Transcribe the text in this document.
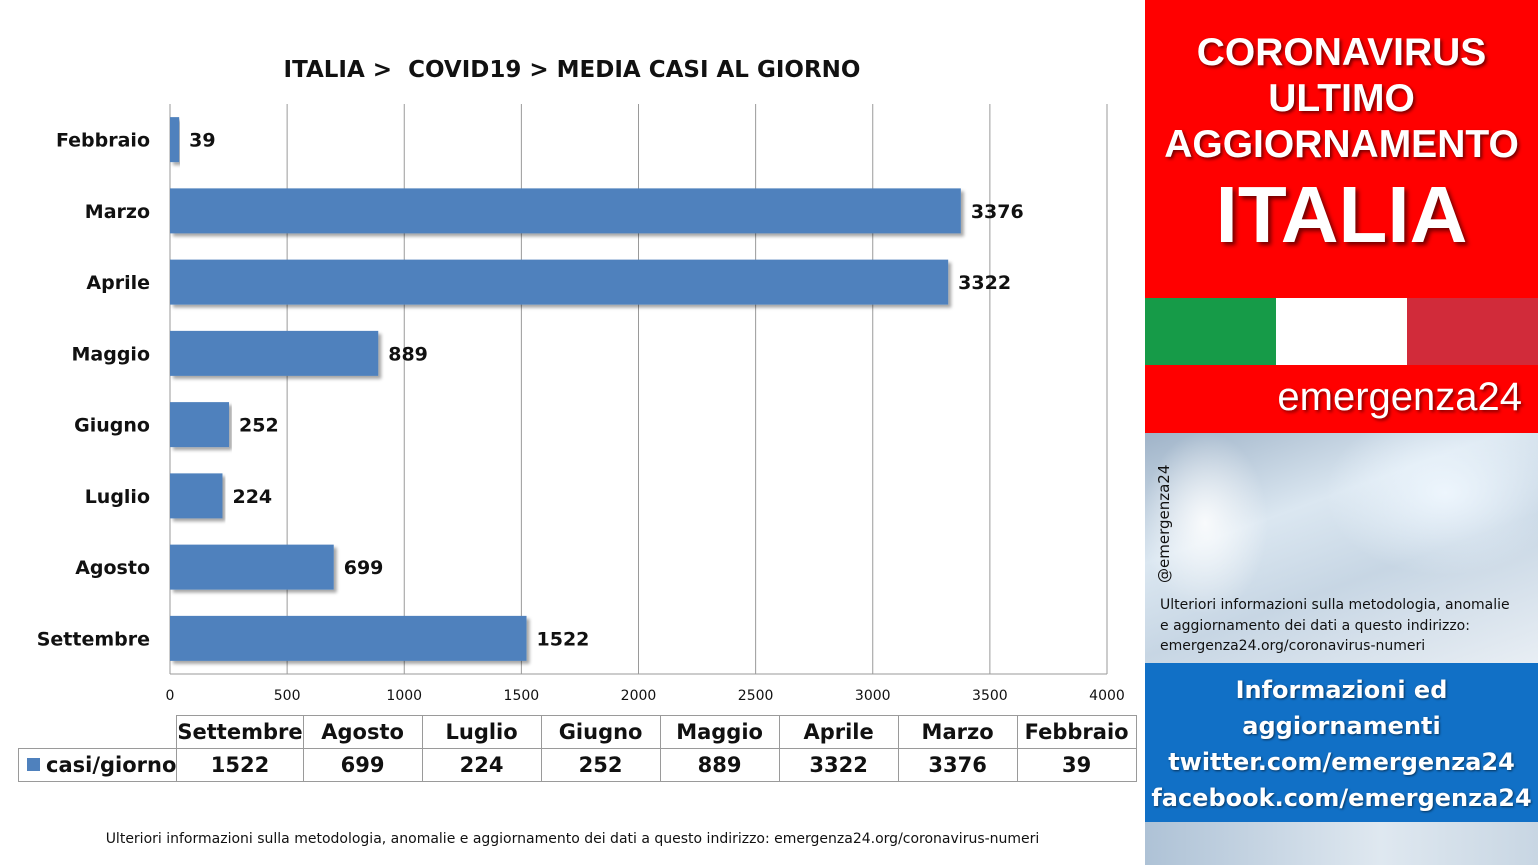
ITALIA >  COVID19 > MEDIA CASI AL GIORNO
0	500	1000	1500	2000	2500	3000	3500	4000
Febbraio 39
Marzo	3376
Aprile	3322
Maggio	889
Giugno	252
Luglio	224
Agosto	699
Settembre	1522
	Settembre	Agosto	Luglio	Giugno	Maggio	Aprile	Marzo	Febbraio
casi/giorno	1522	699	224	252	889	3322	3376	39
Ulteriori informazioni sulla metodologia, anomalie e aggiornamento dei dati a questo indirizzo: emergenza24.org/coronavirus-numeri
CORONAVIRUS
ULTIMO
AGGIORNAMENTO
ITALIA
emergenza24
@emergenza24
Ulteriori informazioni sulla metodologia, anomalie
e aggiornamento dei dati a questo indirizzo:
emergenza24.org/coronavirus-numeri
Informazioni ed
aggiornamenti
twitter.com/emergenza24
facebook.com/emergenza24
